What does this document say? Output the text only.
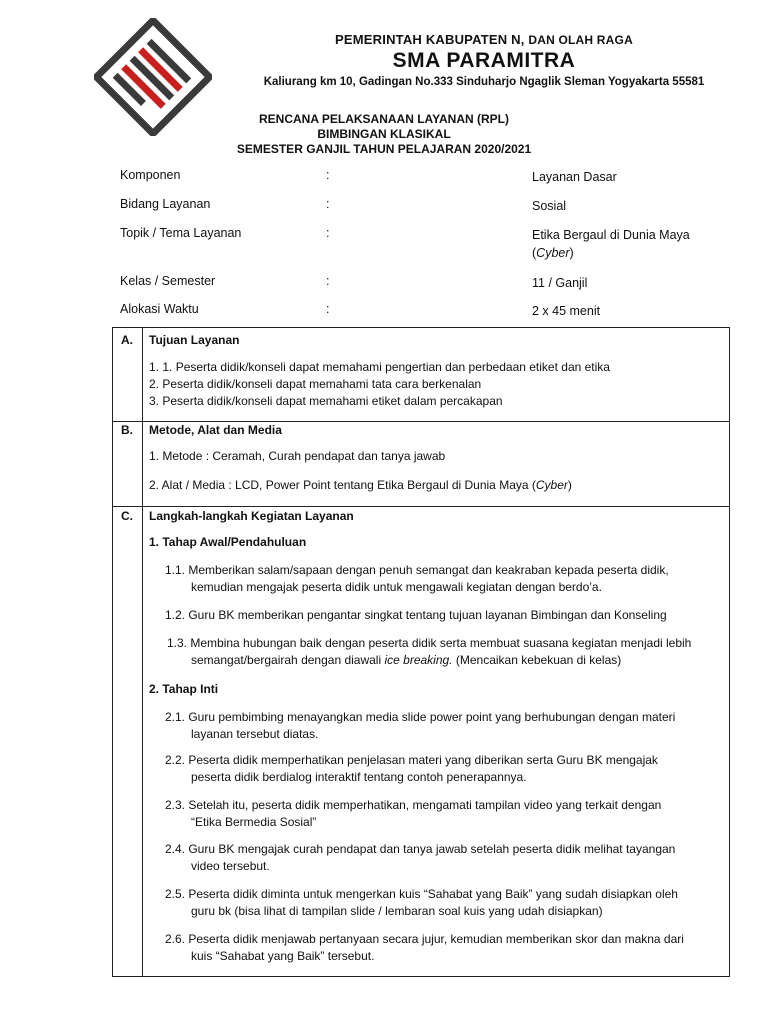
PEMERINTAH KABUPATEN N, DAN OLAH RAGA
SMA PARAMITRA
Kaliurang km 10, Gadingan No.333 Sinduharjo Ngaglik Sleman Yogyakarta 55581
RENCANA PELAKSANAAN LAYANAN (RPL)
BIMBINGAN KLASIKAL
SEMESTER GANJIL TAHUN PELAJARAN 2020/2021
Komponen	:	Layanan Dasar
Bidang Layanan	:	Sosial
Topik / Tema Layanan	:	Etika Bergaul di Dunia Maya
(Cyber)
Kelas / Semester	:	11 / Ganjil
Alokasi Waktu	:	2 x 45 menit
A. Tujuan Layanan
1. 1. Peserta didik/konseli dapat memahami pengertian dan perbedaan etiket dan etika
2. Peserta didik/konseli dapat memahami tata cara berkenalan
3. Peserta didik/konseli dapat memahami etiket dalam percakapan
B. Metode, Alat dan Media
1. Metode : Ceramah, Curah pendapat dan tanya jawab
2. Alat / Media : LCD, Power Point tentang Etika Bergaul di Dunia Maya (Cyber)
C. Langkah-langkah Kegiatan Layanan
1. Tahap Awal/Pendahuluan
1.1. Memberikan salam/sapaan dengan penuh semangat dan keakraban kepada peserta didik,
kemudian mengajak peserta didik untuk mengawali kegiatan dengan berdo’a.
1.2. Guru BK memberikan pengantar singkat tentang tujuan layanan Bimbingan dan Konseling
1.3. Membina hubungan baik dengan peserta didik serta membuat suasana kegiatan menjadi lebih
semangat/bergairah dengan diawali ice breaking. (Mencaikan kebekuan di kelas)
2. Tahap Inti
2.1. Guru pembimbing menayangkan media slide power point yang berhubungan dengan materi
layanan tersebut diatas.
2.2. Peserta didik memperhatikan penjelasan materi yang diberikan serta Guru BK mengajak
peserta didik berdialog interaktif tentang contoh penerapannya.
2.3. Setelah itu, peserta didik memperhatikan, mengamati tampilan video yang terkait dengan
“Etika Bermedia Sosial”
2.4. Guru BK mengajak curah pendapat dan tanya jawab setelah peserta didik melihat tayangan
video tersebut.
2.5. Peserta didik diminta untuk mengerkan kuis “Sahabat yang Baik” yang sudah disiapkan oleh
guru bk (bisa lihat di tampilan slide / lembaran soal kuis yang udah disiapkan)
2.6. Peserta didik menjawab pertanyaan secara jujur, kemudian memberikan skor dan makna dari
kuis “Sahabat yang Baik” tersebut.
